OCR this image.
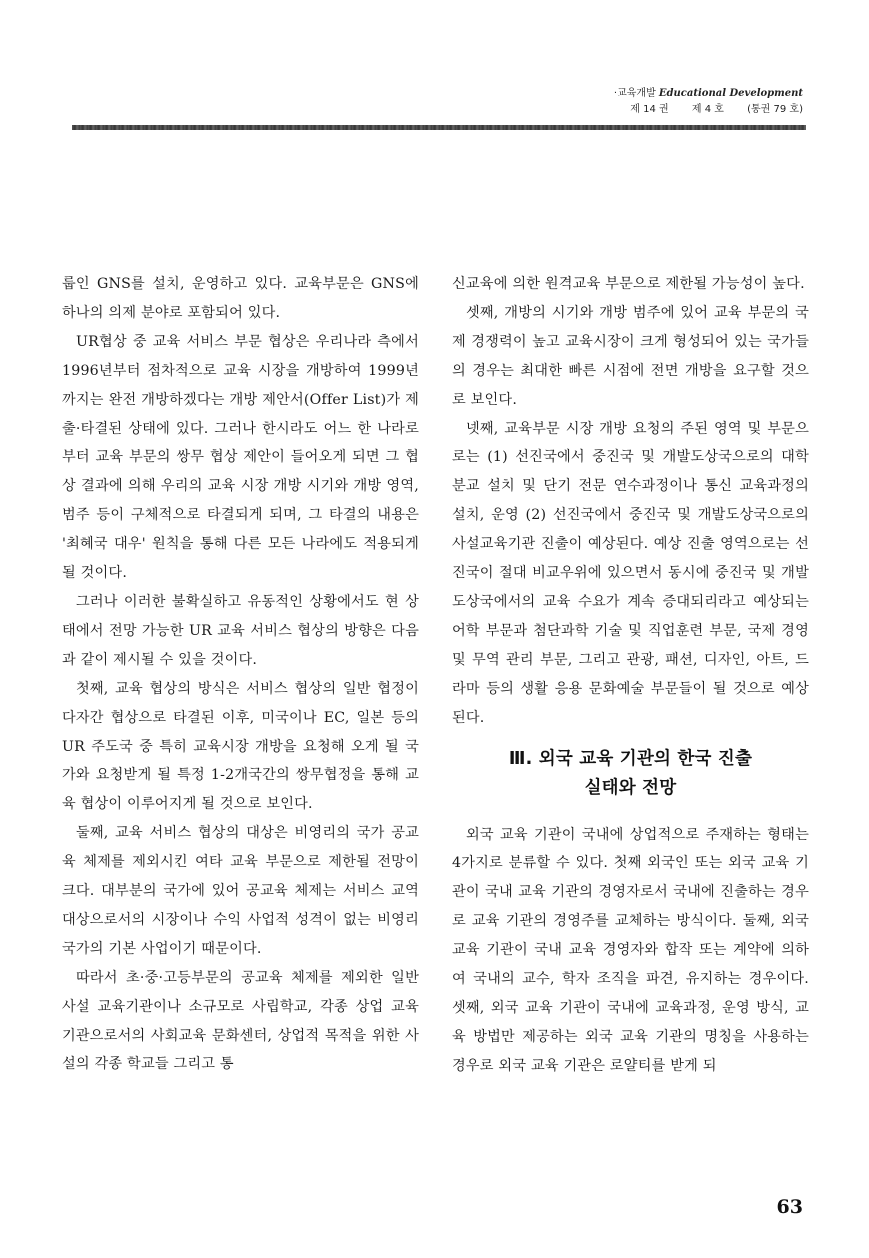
·교육개발 Educational Development
제 14 권 제 4 호 (통권 79 호)

룹인 GNS를 설치, 운영하고 있다. 교육부문은 GNS에 하나의 의제 분야로 포함되어 있다.

UR협상 중 교육 서비스 부문 협상은 우리나라 측에서 1996년부터 점차적으로 교육 시장을 개방하여 1999년까지는 완전 개방하겠다는 개방 제안서(Offer List)가 제출·타결된 상태에 있다. 그러나 한시라도 어느 한 나라로부터 교육 부문의 쌍무 협상 제안이 들어오게 되면 그 협상 결과에 의해 우리의 교육 시장 개방 시기와 개방 영역, 범주 등이 구체적으로 타결되게 되며, 그 타결의 내용은 '최혜국 대우' 원칙을 통해 다른 모든 나라에도 적용되게 될 것이다.

그러나 이러한 불확실하고 유동적인 상황에서도 현 상태에서 전망 가능한 UR 교육 서비스 협상의 방향은 다음과 같이 제시될 수 있을 것이다.

첫째, 교육 협상의 방식은 서비스 협상의 일반 협정이 다자간 협상으로 타결된 이후, 미국이나 EC, 일본 등의 UR 주도국 중 특히 교육시장 개방을 요청해 오게 될 국가와 요청받게 될 특정 1-2개국간의 쌍무협정을 통해 교육 협상이 이루어지게 될 것으로 보인다.

둘째, 교육 서비스 협상의 대상은 비영리의 국가 공교육 체제를 제외시킨 여타 교육 부문으로 제한될 전망이 크다. 대부분의 국가에 있어 공교육 체제는 서비스 교역 대상으로서의 시장이나 수익 사업적 성격이 없는 비영리 국가의 기본 사업이기 때문이다.

따라서 초·중·고등부문의 공교육 체제를 제외한 일반 사설 교육기관이나 소규모로 사립학교, 각종 상업 교육 기관으로서의 사회교육 문화센터, 상업적 목적을 위한 사설의 각종 학교들 그리고 통

신교육에 의한 원격교육 부문으로 제한될 가능성이 높다.

셋째, 개방의 시기와 개방 범주에 있어 교육 부문의 국제 경쟁력이 높고 교육시장이 크게 형성되어 있는 국가들의 경우는 최대한 빠른 시점에 전면 개방을 요구할 것으로 보인다.

넷째, 교육부문 시장 개방 요청의 주된 영역 및 부문으로는 (1) 선진국에서 중진국 및 개발도상국으로의 대학 분교 설치 및 단기 전문 연수과정이나 통신 교육과정의 설치, 운영 (2) 선진국에서 중진국 및 개발도상국으로의 사설교육기관 진출이 예상된다. 예상 진출 영역으로는 선진국이 절대 비교우위에 있으면서 동시에 중진국 및 개발도상국에서의 교육 수요가 계속 증대되리라고 예상되는 어학 부문과 첨단과학 기술 및 직업훈련 부문, 국제 경영 및 무역 관리 부문, 그리고 관광, 패션, 디자인, 아트, 드라마 등의 생활 응용 문화예술 부문들이 될 것으로 예상된다.

Ⅲ. 외국 교육 기관의 한국 진출
실태와 전망

외국 교육 기관이 국내에 상업적으로 주재하는 형태는 4가지로 분류할 수 있다. 첫째 외국인 또는 외국 교육 기관이 국내 교육 기관의 경영자로서 국내에 진출하는 경우로 교육 기관의 경영주를 교체하는 방식이다. 둘째, 외국 교육 기관이 국내 교육 경영자와 합작 또는 계약에 의하여 국내의 교수, 학자 조직을 파견, 유지하는 경우이다. 셋째, 외국 교육 기관이 국내에 교육과정, 운영 방식, 교육 방법만 제공하는 외국 교육 기관의 명칭을 사용하는 경우로 외국 교육 기관은 로얄티를 받게 되

63
